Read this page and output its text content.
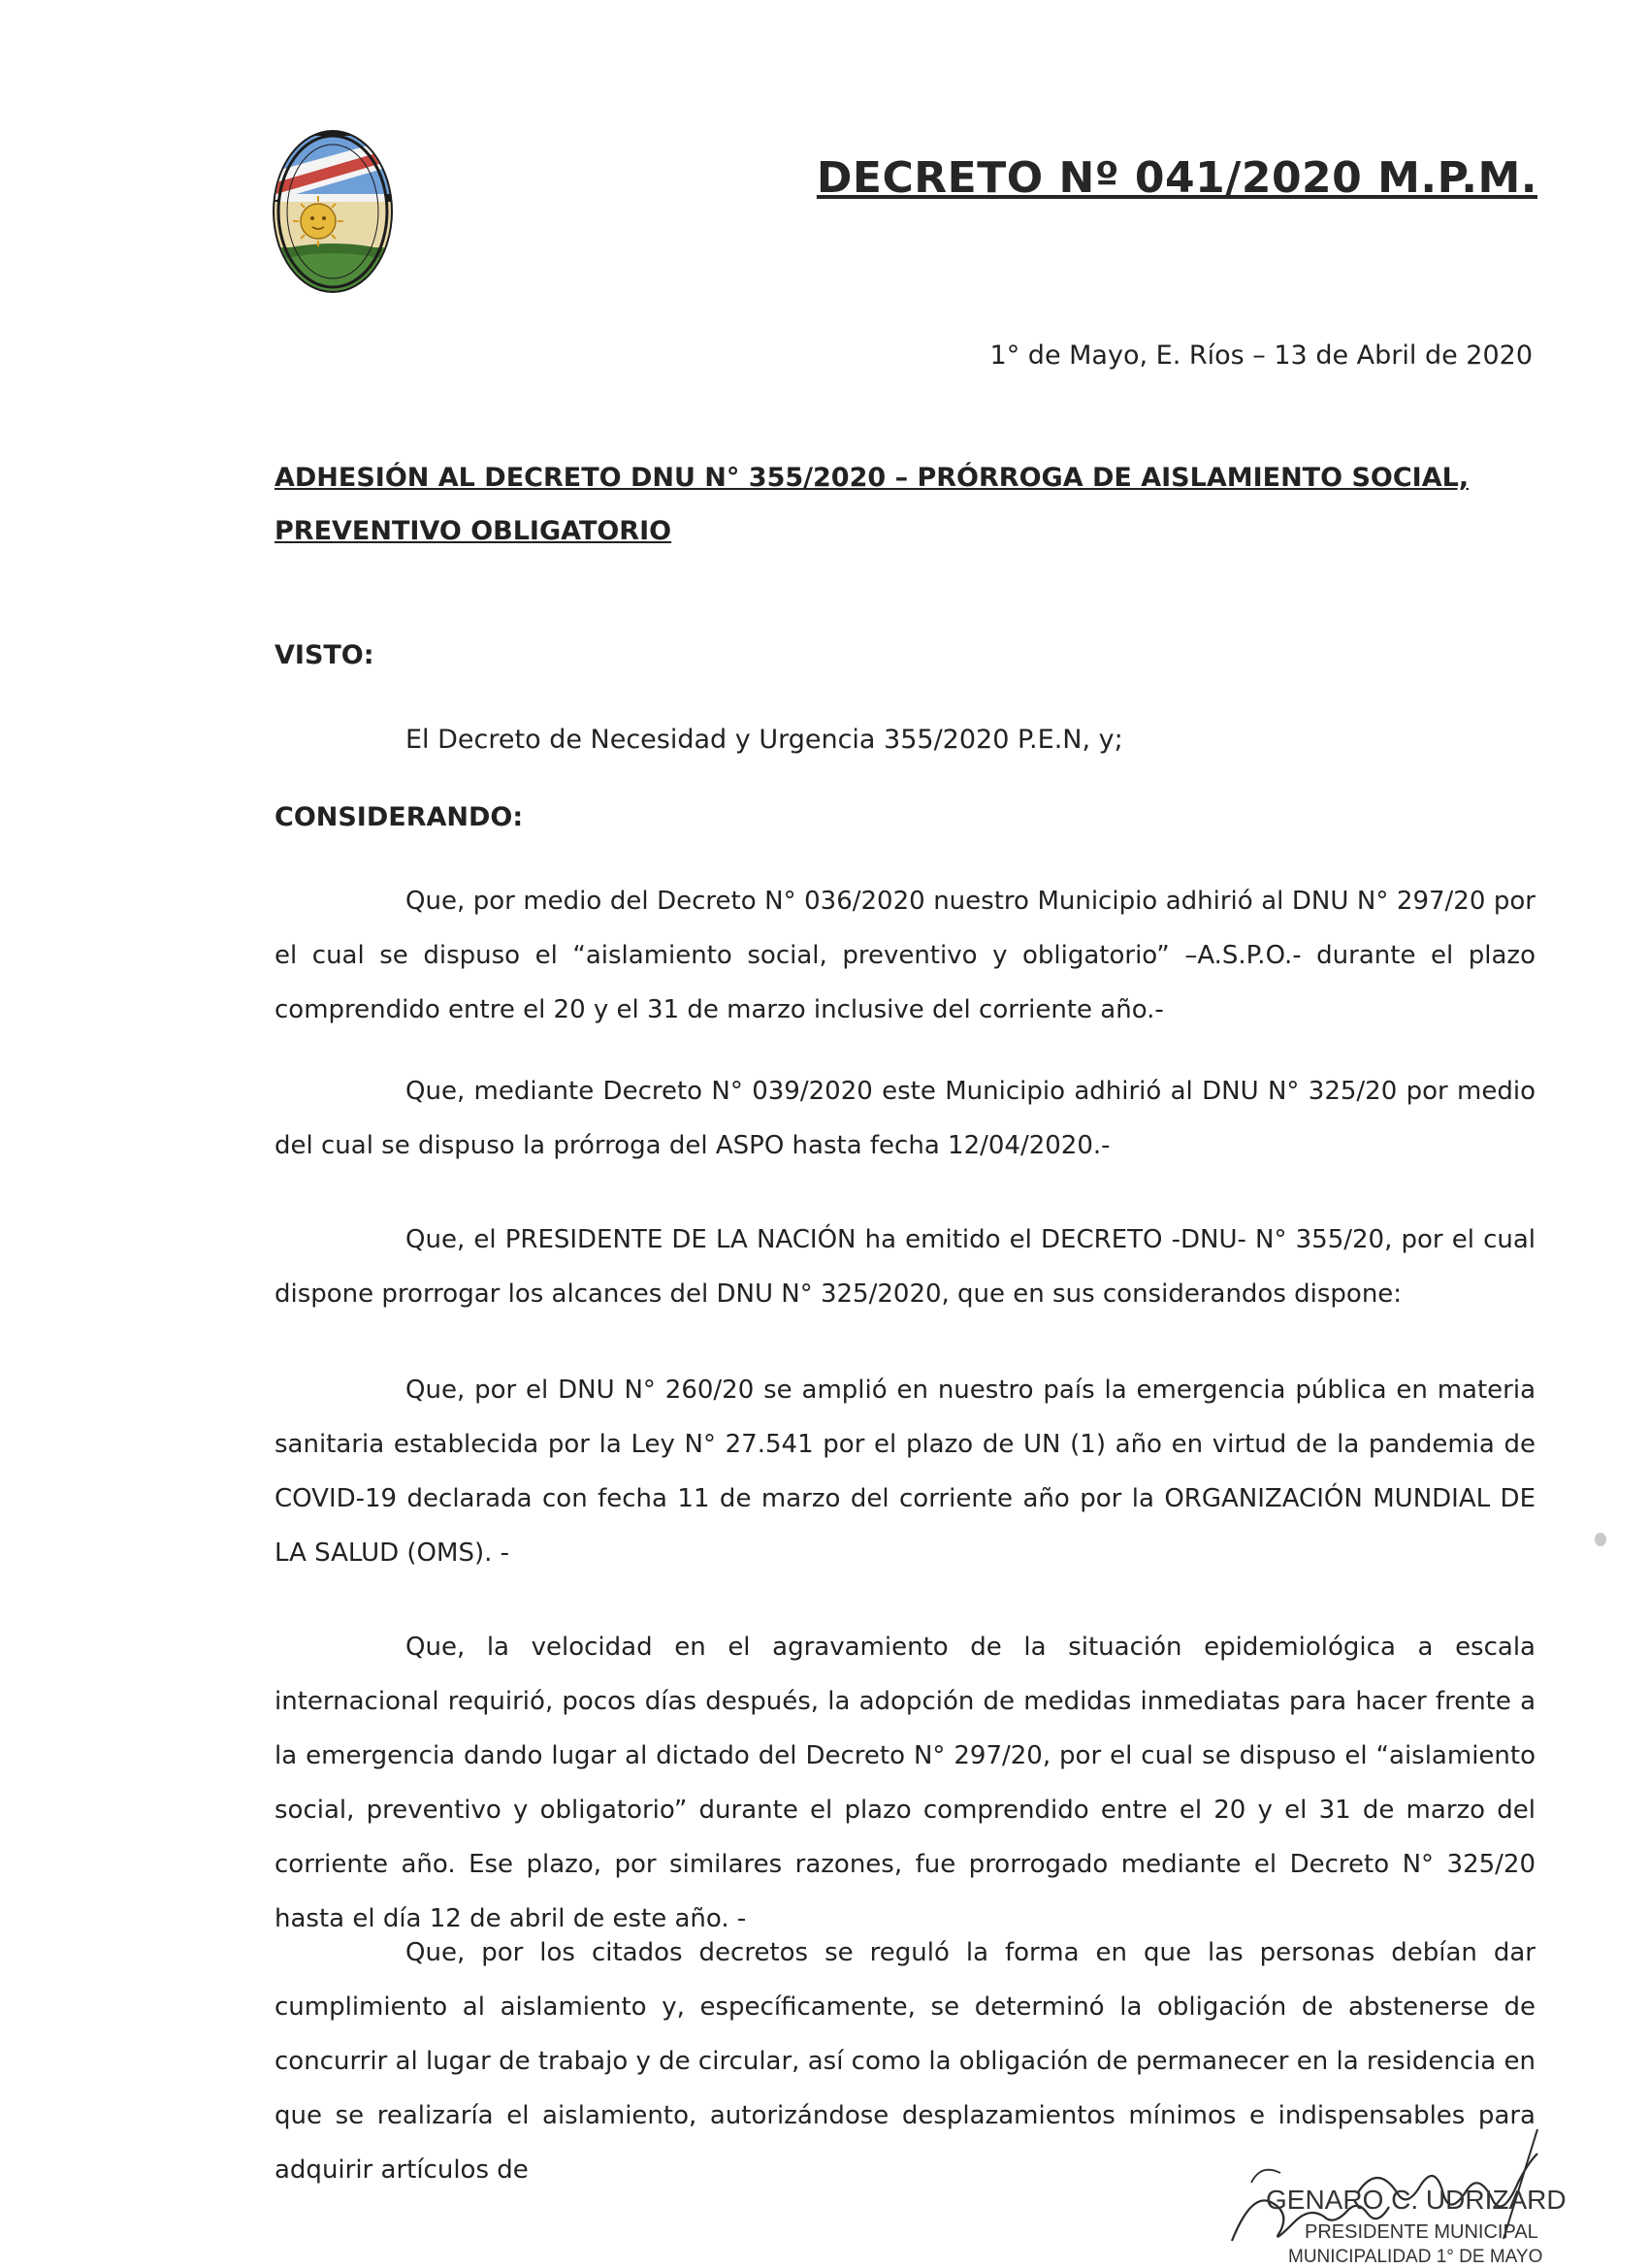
DECRETO Nº 041/2020 M.P.M.
1° de Mayo, E. Ríos – 13 de Abril de 2020
ADHESIÓN AL DECRETO DNU N° 355/2020 – PRÓRROGA DE AISLAMIENTO SOCIAL, PREVENTIVO OBLIGATORIO
VISTO:
El Decreto de Necesidad y Urgencia 355/2020 P.E.N, y;
CONSIDERANDO:

Que, por medio del Decreto N° 036/2020 nuestro Municipio adhirió al DNU N° 297/20 por el cual se dispuso el “aislamiento social, preventivo y obligatorio” –A.S.P.O.- durante el plazo comprendido entre el 20 y el 31 de marzo inclusive del corriente año.-

Que, mediante Decreto N° 039/2020 este Municipio adhirió al DNU N° 325/20 por medio del cual se dispuso la prórroga del ASPO hasta fecha 12/04/2020.-

Que, el PRESIDENTE DE LA NACIÓN ha emitido el DECRETO -DNU- N° 355/20, por el cual dispone prorrogar los alcances del DNU N° 325/2020, que en sus considerandos dispone:

Que, por el DNU N° 260/20 se amplió en nuestro país la emergencia pública en materia sanitaria establecida por la Ley N° 27.541 por el plazo de UN (1) año en virtud de la pandemia de COVID-19 declarada con fecha 11 de marzo del corriente año por la ORGANIZACIÓN MUNDIAL DE LA SALUD (OMS). -

Que, la velocidad en el agravamiento de la situación epidemiológica a escala internacional requirió, pocos días después, la adopción de medidas inmediatas para hacer frente a la emergencia dando lugar al dictado del Decreto N° 297/20, por el cual se dispuso el “aislamiento social, preventivo y obligatorio” durante el plazo comprendido entre el 20 y el 31 de marzo del corriente año. Ese plazo, por similares razones, fue prorrogado mediante el Decreto N° 325/20 hasta el día 12 de abril de este año. -

Que, por los citados decretos se reguló la forma en que las personas debían dar cumplimiento al aislamiento y, específicamente, se determinó la obligación de abstenerse de concurrir al lugar de trabajo y de circular, así como la obligación de permanecer en la residencia en que se realizaría el aislamiento, autorizándose desplazamientos mínimos e indispensables para adquirir artículos de

GENARO C. UDRIZARD
PRESIDENTE MUNICIPAL
MUNICIPALIDAD 1° DE MAYO
